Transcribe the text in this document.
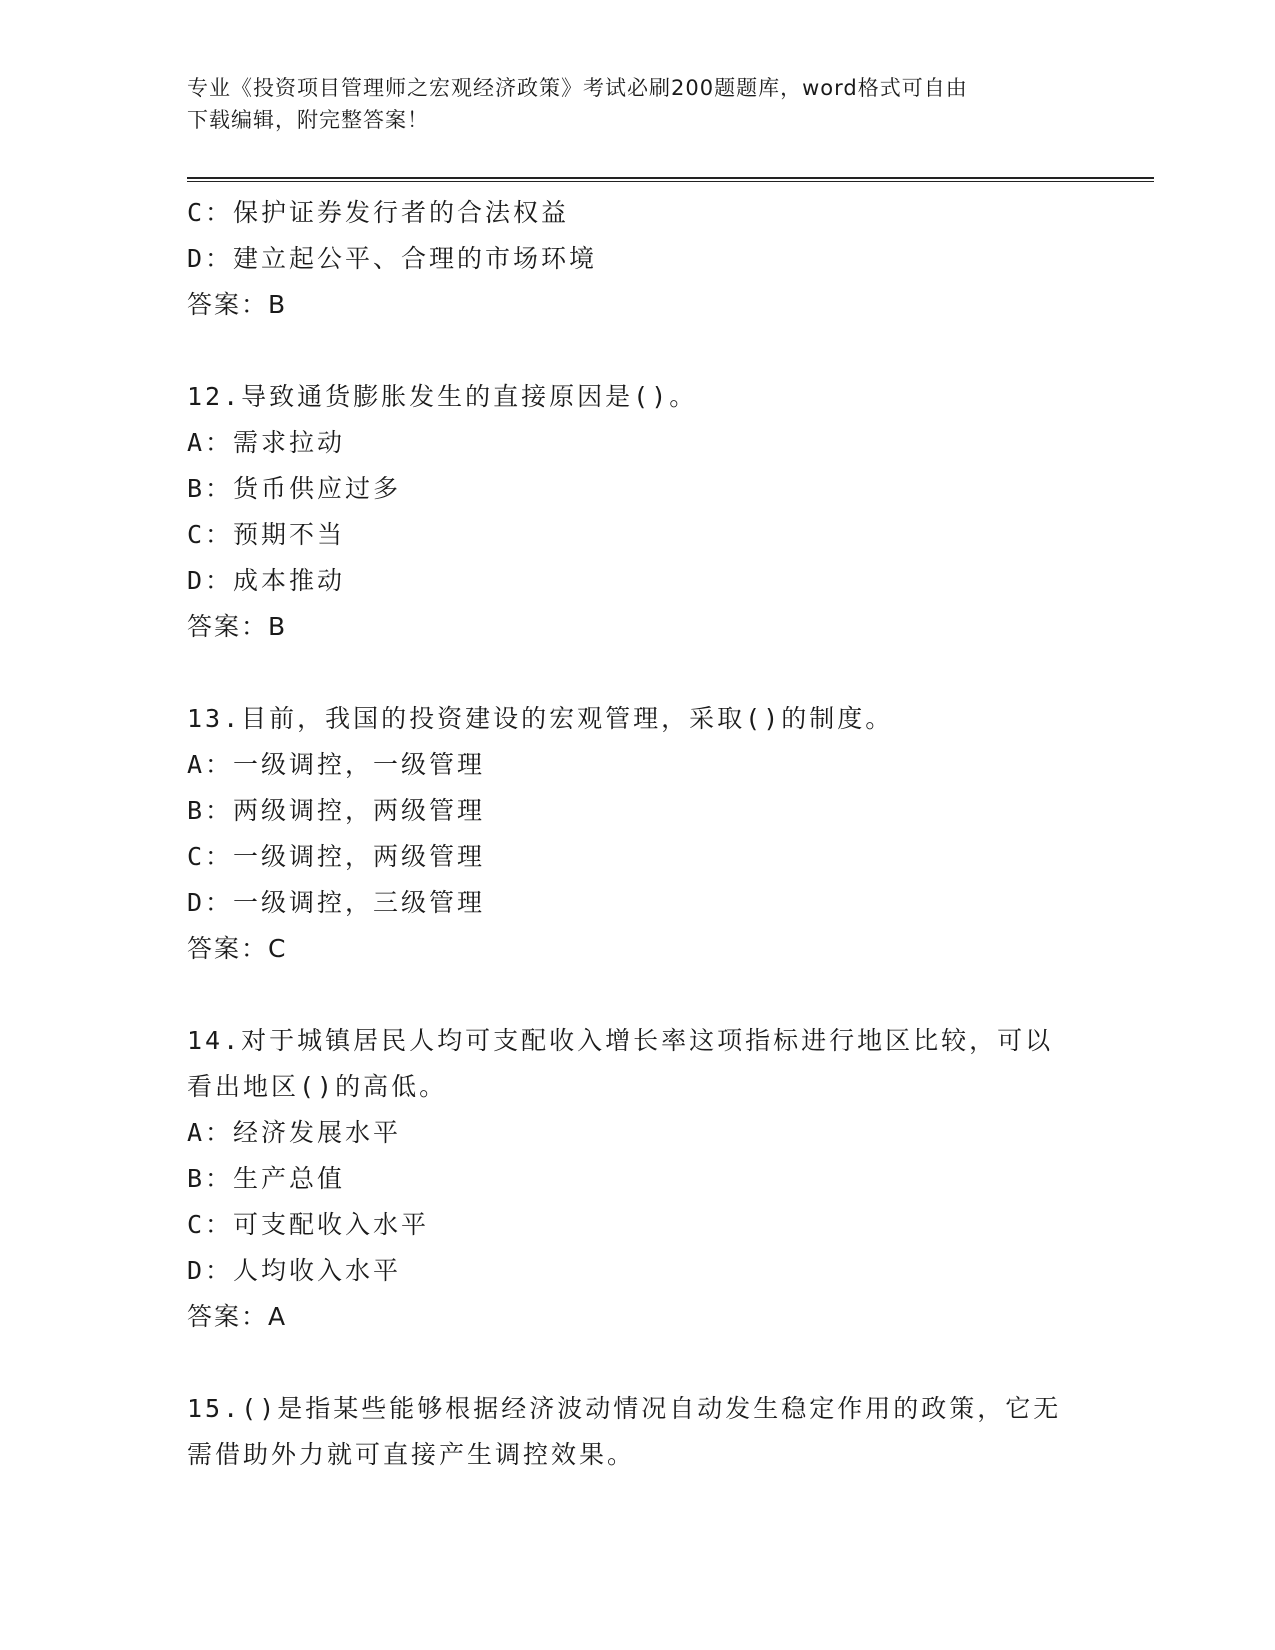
专业《投资项目管理师之宏观经济政策》考试必刷200题题库，word格式可自由
下载编辑，附完整答案！
C：保护证券发行者的合法权益
D：建立起公平、合理的市场环境
答案：B
12.导致通货膨胀发生的直接原因是()。
A：需求拉动
B：货币供应过多
C：预期不当
D：成本推动
答案：B
13.目前，我国的投资建设的宏观管理，采取()的制度。
A：一级调控，一级管理
B：两级调控，两级管理
C：一级调控，两级管理
D：一级调控，三级管理
答案：C
14.对于城镇居民人均可支配收入增长率这项指标进行地区比较，可以
看出地区()的高低。
A：经济发展水平
B：生产总值
C：可支配收入水平
D：人均收入水平
答案：A
15.()是指某些能够根据经济波动情况自动发生稳定作用的政策，它无
需借助外力就可直接产生调控效果。
